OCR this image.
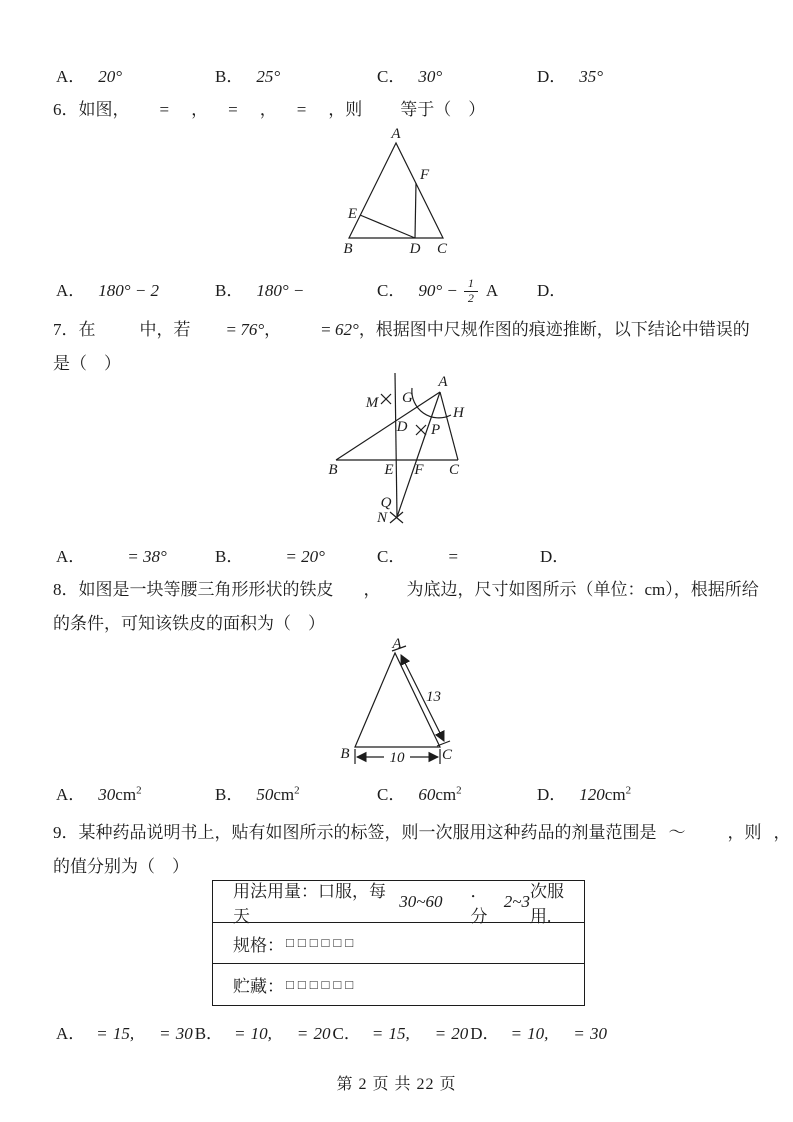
A． 20°	B． 25°	C． 30°	D． 35°
6．如图， = ， = ， = ，则 等于（　）
A
F
E
B	D C
A． 180° − 2	B． 180° −	C． $90^\circ - \frac{1}{2}$ A D．
7．在	中，若 = 76°， = 62°，根据图中尺规作图的痕迹推断，以下结论中错误的
是（　）
A
M G
D P
H
B	E F C
Q
N
A． = 38°	B． = 20°	C． =	D．
8．如图是一块等腰三角形形状的铁皮 ， 为底边，尺寸如图所示（单位：cm），根据所给
的条件，可知该铁皮的面积为（　）
A
B	C
13
10
A． $30cm^2$	B． $50cm^2$	C． $60cm^2$	D． $120cm^2$
9．某种药品说明书上，贴有如图所示的标签，则一次服用这种药品的剂量范围是 ～ ，则 ，
的值分别为（　）
用法用量：口服，每天
30~60
．分
2~3
次服用.
规格： □□□□□□
贮藏： □□□□□□
A． = 15, = 30 B． = 10, = 20 C． = 15, = 20 D． = 10, = 30
第 2 页 共 22 页
